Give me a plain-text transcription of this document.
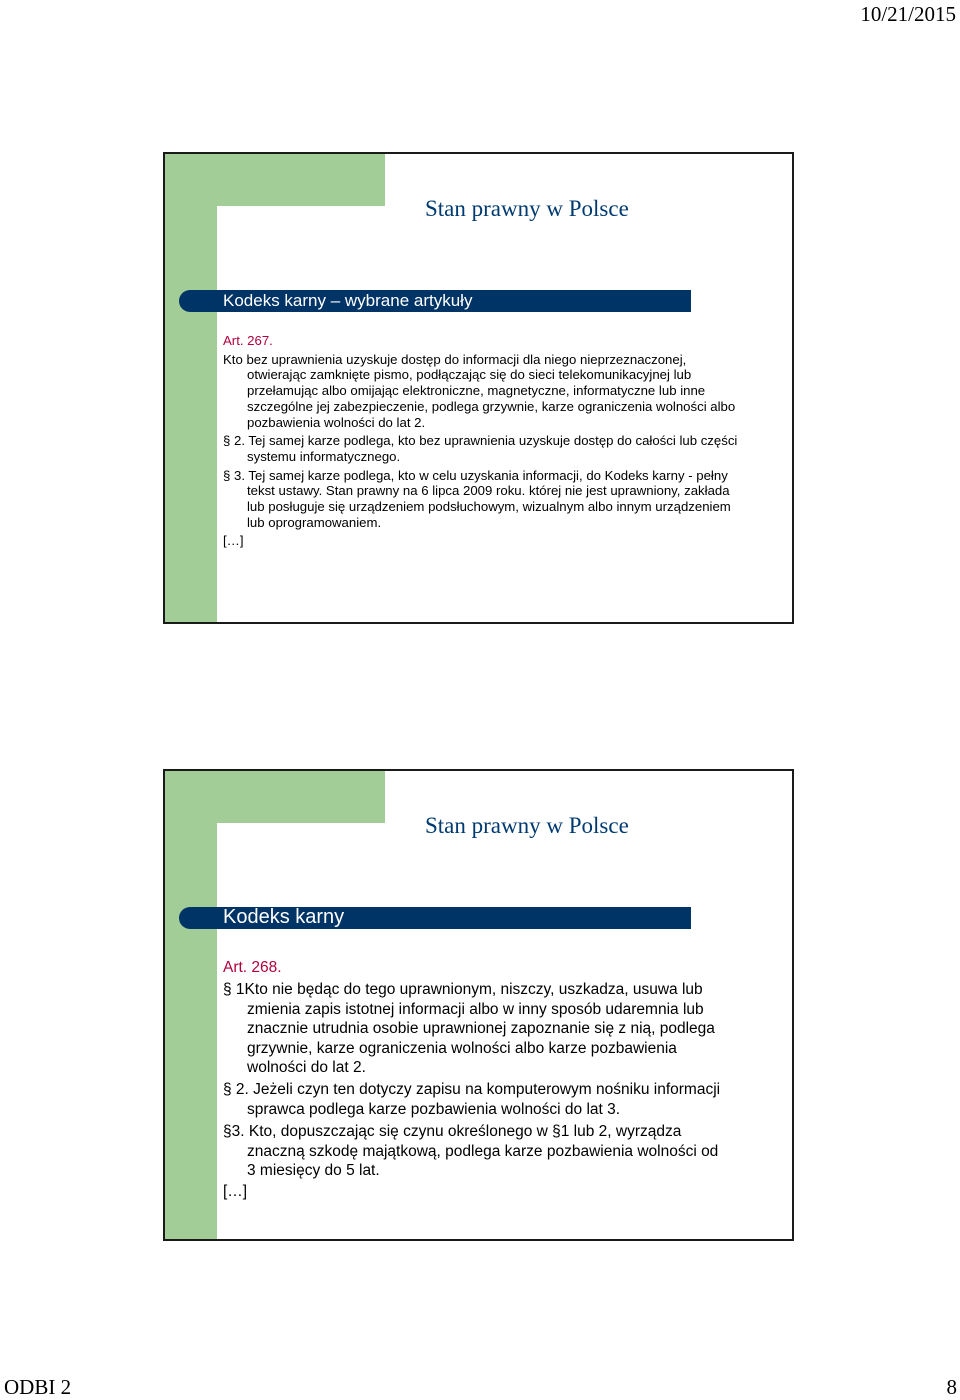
10/21/2015
Stan prawny w Polsce
Kodeks karny – wybrane artykuły
Art. 267.

Kto bez uprawnienia uzyskuje dostęp do informacji dla niego nieprzeznaczonej, otwierając zamknięte pismo, podłączając się do sieci telekomunikacyjnej lub przełamując albo omijając elektroniczne, magnetyczne, informatyczne lub inne szczególne jej zabezpieczenie, podlega grzywnie, karze ograniczenia wolności albo pozbawienia wolności do lat 2.

§ 2. Tej samej karze podlega, kto bez uprawnienia uzyskuje dostęp do całości lub części systemu informatycznego.

§ 3. Tej samej karze podlega, kto w celu uzyskania informacji, do Kodeks karny - pełny tekst ustawy. Stan prawny na 6 lipca 2009 roku. której nie jest uprawniony, zakłada lub posługuje się urządzeniem podsłuchowym, wizualnym albo innym urządzeniem lub oprogramowaniem.

[…]
Stan prawny w Polsce
Kodeks karny
Art. 268.

§ 1Kto nie będąc do tego uprawnionym, niszczy, uszkadza, usuwa lub zmienia zapis istotnej informacji albo w inny sposób udaremnia lub znacznie utrudnia osobie uprawnionej zapoznanie się z nią, podlega grzywnie, karze ograniczenia wolności albo karze pozbawienia wolności do lat 2.

§ 2. Jeżeli czyn ten dotyczy zapisu na komputerowym nośniku informacji sprawca podlega karze pozbawienia wolności do lat 3.

§3. Kto, dopuszczając się czynu określonego w §1 lub 2, wyrządza znaczną szkodę majątkową, podlega karze pozbawienia wolności od 3 miesięcy do 5 lat.

[…]
ODBI 2	8
